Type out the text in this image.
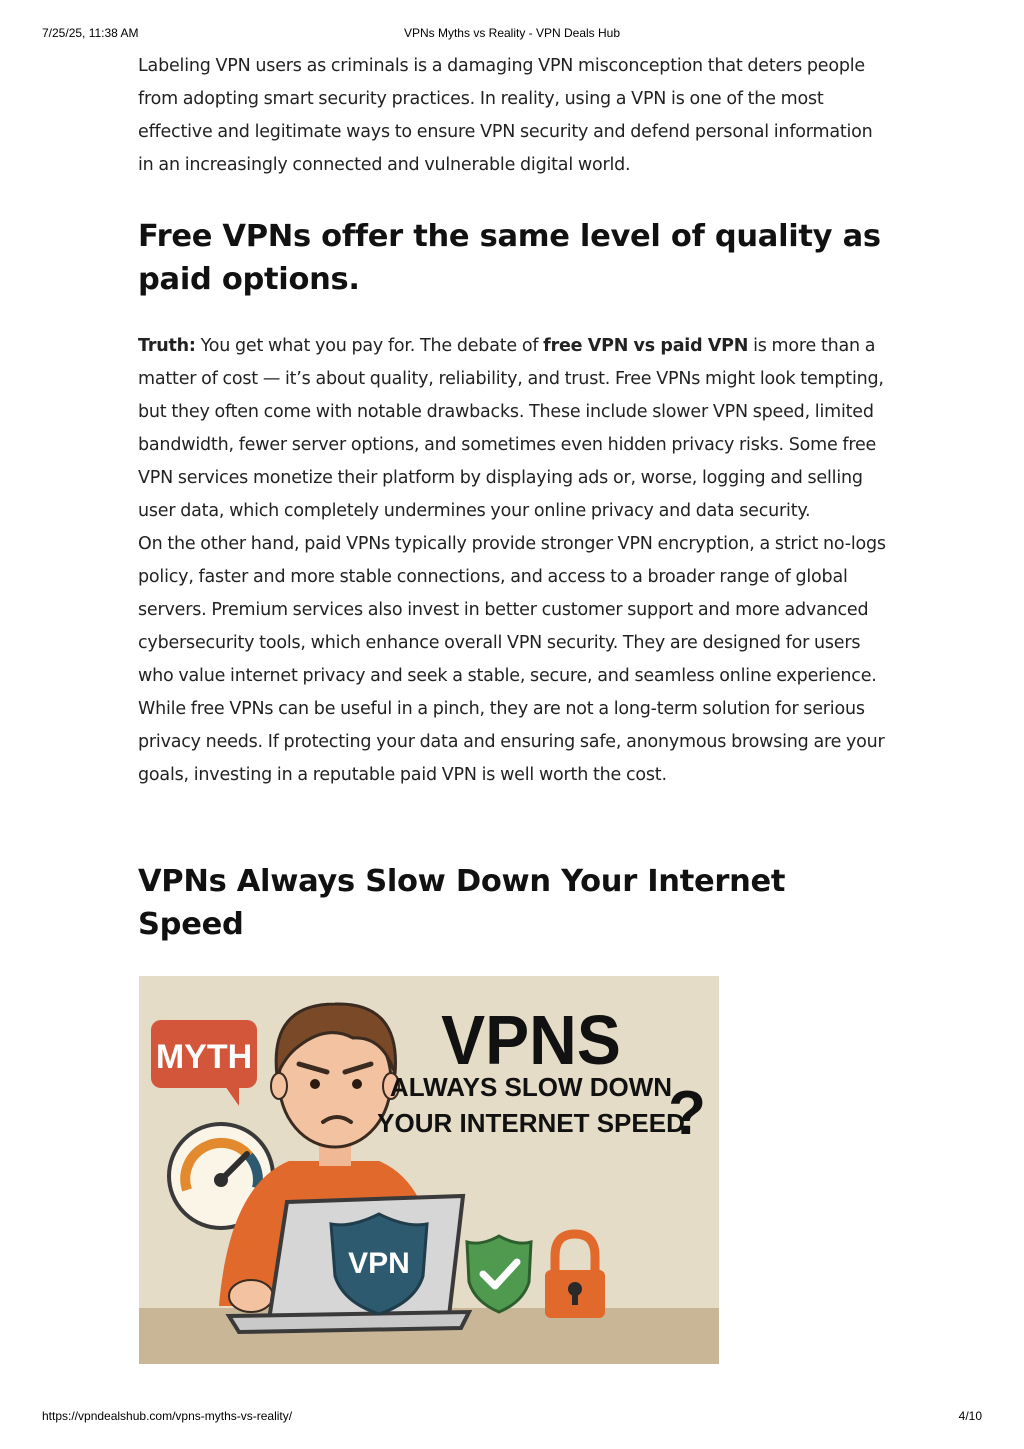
7/25/25, 11:38 AM	VPNs Myths vs Reality - VPN Deals Hub

Labeling VPN users as criminals is a damaging VPN misconception that deters people from adopting smart security practices. In reality, using a VPN is one of the most effective and legitimate ways to ensure VPN security and defend personal information in an increasingly connected and vulnerable digital world.

Free VPNs offer the same level of quality as paid options.

Truth: You get what you pay for. The debate of free VPN vs paid VPN is more than a matter of cost — it’s about quality, reliability, and trust. Free VPNs might look tempting, but they often come with notable drawbacks. These include slower VPN speed, limited bandwidth, fewer server options, and sometimes even hidden privacy risks. Some free VPN services monetize their platform by displaying ads or, worse, logging and selling user data, which completely undermines your online privacy and data security.

On the other hand, paid VPNs typically provide stronger VPN encryption, a strict no-logs policy, faster and more stable connections, and access to a broader range of global servers. Premium services also invest in better customer support and more advanced cybersecurity tools, which enhance overall VPN security. They are designed for users who value internet privacy and seek a stable, secure, and seamless online experience.

While free VPNs can be useful in a pinch, they are not a long-term solution for serious privacy needs. If protecting your data and ensuring safe, anonymous browsing are your goals, investing in a reputable paid VPN is well worth the cost.

VPNs Always Slow Down Your Internet Speed
MYTH
VPN
VPNS
ALWAYS SLOW DOWN
YOUR INTERNET SPEED
?
https://vpndealshub.com/vpns-myths-vs-reality/	4/10
